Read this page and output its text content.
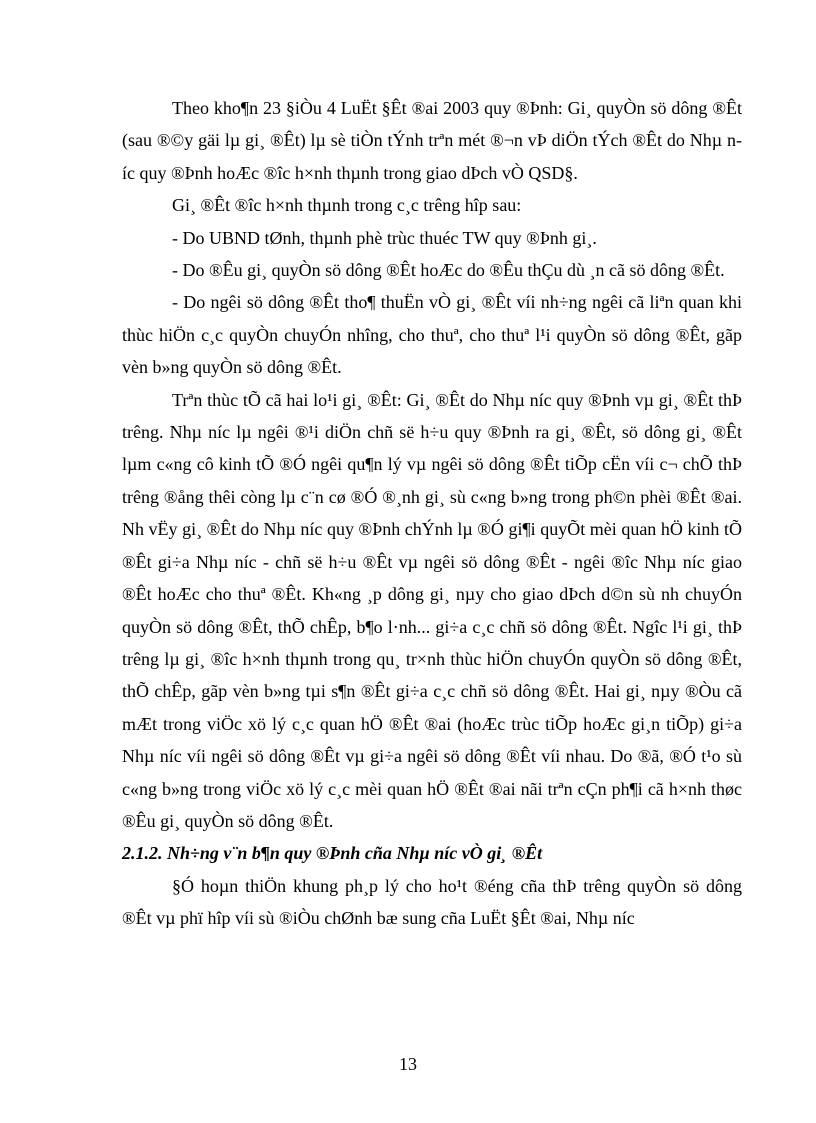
Theo kho¶n 23 §iÒu 4 LuËt §Êt ®ai 2003 quy ®Þnh: Gi¸ quyÒn sö dông ®Êt (sau ®©y gäi lµ gi¸ ®Êt) lµ sè tiÒn tÝnh trªn mét ®¬n vÞ diÖn tÝch ®Êt do Nhµ níc quy ®Þnh hoÆc ®îc h×nh thµnh trong giao dÞch vÒ QSD§.

Gi¸ ®Êt ®îc h×nh thµnh trong c¸c trêng hîp sau:

- Do UBND tØnh, thµnh phè trùc thuéc TW quy ®Þnh gi¸.

- Do ®Êu gi¸ quyÒn sö dông ®Êt hoÆc do ®Êu thÇu dù ¸n cã sö dông ®Êt.

- Do ngêi sö dông ®Êt tho¶ thuËn vÒ gi¸ ®Êt víi nh÷ng ngêi cã liªn quan khi thùc hiÖn c¸c quyÒn chuyÓn nhîng, cho thuª, cho thuª l¹i quyÒn sö dông ®Êt, gãp vèn b»ng quyÒn sö dông ®Êt.

Trªn thùc tÕ cã hai lo¹i gi¸ ®Êt: Gi¸ ®Êt do Nhµ níc quy ®Þnh vµ gi¸ ®Êt thÞ trêng. Nhµ níc lµ ngêi ®¹i diÖn chñ së h÷u quy ®Þnh ra gi¸ ®Êt, sö dông gi¸ ®Êt lµm c«ng cô kinh tÕ ®Ó ngêi qu¶n lý vµ ngêi sö dông ®Êt tiÕp cËn víi c¬ chÕ thÞ trêng ®ång thêi còng lµ c¨n cø ®Ó ®¸nh gi¸ sù c«ng b»ng trong ph©n phèi ®Êt ®ai. Nh vËy gi¸ ®Êt do Nhµ níc quy ®Þnh chÝnh lµ ®Ó gi¶i quyÕt mèi quan hÖ kinh tÕ ®Êt gi÷a Nhµ níc - chñ së h÷u ®Êt vµ ngêi sö dông ®Êt - ngêi ®îc Nhµ níc giao ®Êt hoÆc cho thuª ®Êt. Kh«ng ¸p dông gi¸ nµy cho giao dÞch d©n sù nh chuyÓn quyÒn sö dông ®Êt, thÕ chÊp, b¶o l·nh... gi÷a c¸c chñ sö dông ®Êt. Ngîc l¹i gi¸ thÞ trêng lµ gi¸ ®îc h×nh thµnh trong qu¸ tr×nh thùc hiÖn chuyÓn quyÒn sö dông ®Êt, thÕ chÊp, gãp vèn b»ng tµi s¶n ®Êt gi÷a c¸c chñ sö dông ®Êt. Hai gi¸ nµy ®Òu cã mÆt trong viÖc xö lý c¸c quan hÖ ®Êt ®ai (hoÆc trùc tiÕp hoÆc gi¸n tiÕp) gi÷a Nhµ níc víi ngêi sö dông ®Êt vµ gi÷a ngêi sö dông ®Êt víi nhau. Do ®ã, ®Ó t¹o sù c«ng b»ng trong viÖc xö lý c¸c mèi quan hÖ ®Êt ®ai nãi trªn cÇn ph¶i cã h×nh thøc ®Êu gi¸ quyÒn sö dông ®Êt.

2.1.2. Nh÷ng v¨n b¶n quy ®Þnh cña Nhµ níc vÒ gi¸ ®Êt

§Ó hoµn thiÖn khung ph¸p lý cho ho¹t ®éng cña thÞ trêng quyÒn sö dông ®Êt vµ phï hîp víi sù ®iÒu chØnh bæ sung cña LuËt §Êt ®ai, Nhµ níc

13
